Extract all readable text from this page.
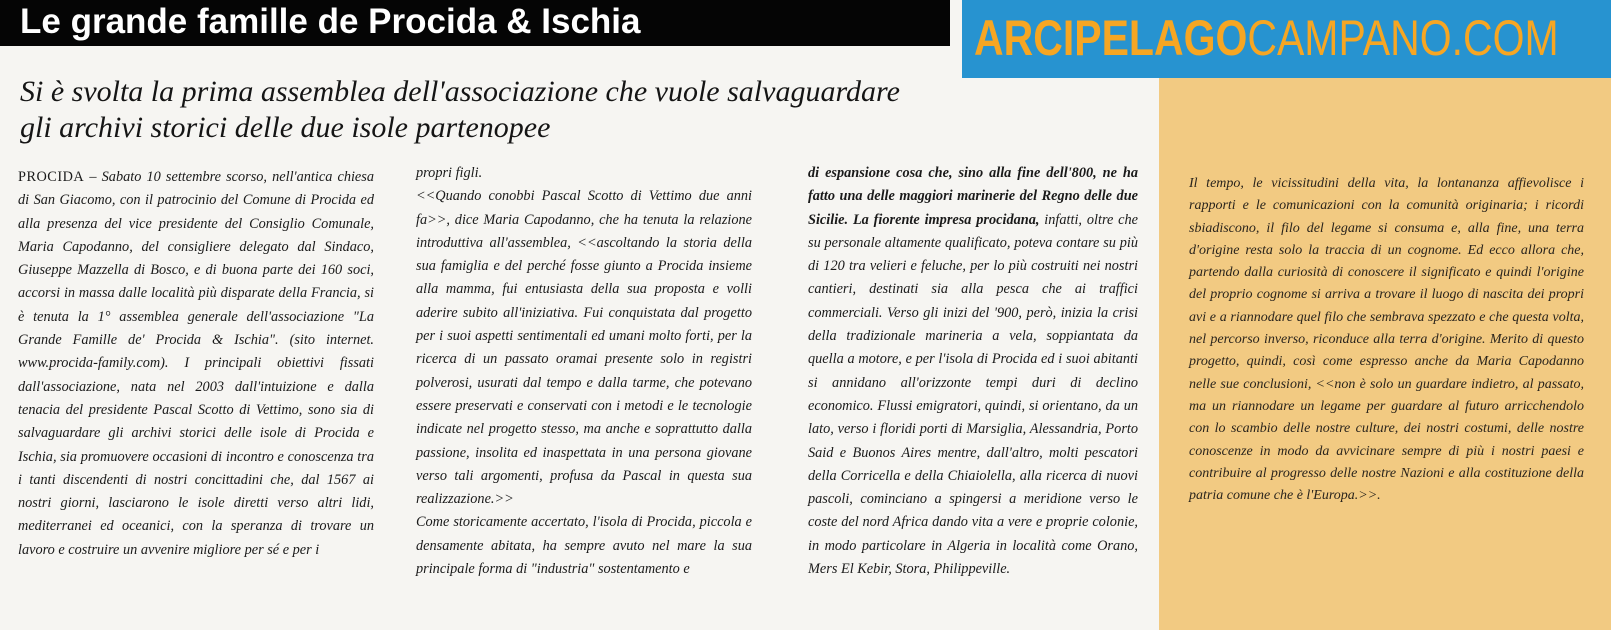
Le grande famille de Procida & Ischia	ARCIPELAGOCAMPANO.COM
Si è svolta la prima assemblea dell'associazione che vuole salvaguardare
gli archivi storici delle due isole partenopee

PROCIDA – Sabato 10 settembre scorso, nell'antica chiesa di San Giacomo, con il patrocinio del Comune di Procida ed alla presenza del vice presidente del Consiglio Comunale, Maria Capodanno, del consigliere delegato dal Sindaco, Giuseppe Mazzella di Bosco, e di buona parte dei 160 soci, accorsi in massa dalle località più disparate della Francia, si è tenuta la 1° assemblea generale dell'associazione "La Grande Famille de' Procida & Ischia". (sito internet. www.procida-family.com). I principali obiettivi fissati dall'associazione, nata nel 2003 dall'intuizione e dalla tenacia del presidente Pascal Scotto di Vettimo, sono sia di salvaguardare gli archivi storici delle isole di Procida e Ischia, sia promuovere occasioni di incontro e conoscenza tra i tanti discendenti di nostri concittadini che, dal 1567 ai nostri giorni, lasciarono le isole diretti verso altri lidi, mediterranei ed oceanici, con la speranza di trovare un lavoro e costruire un avvenire migliore per sé e per i

propri figli.

<<Quando conobbi Pascal Scotto di Vettimo due anni fa>>, dice Maria Capodanno, che ha tenuta la relazione introduttiva all'assemblea, <<ascoltando la storia della sua famiglia e del perché fosse giunto a Procida insieme alla mamma, fui entusiasta della sua proposta e volli aderire subito all'iniziativa. Fui conquistata dal progetto per i suoi aspetti sentimentali ed umani molto forti, per la ricerca di un passato oramai presente solo in registri polverosi, usurati dal tempo e dalla tarme, che potevano essere preservati e conservati con i metodi e le tecnologie indicate nel progetto stesso, ma anche e soprattutto dalla passione, insolita ed inaspettata in una persona giovane verso tali argomenti, profusa da Pascal in questa sua realizzazione.>>

Come storicamente accertato, l'isola di Procida, piccola e densamente abitata, ha sempre avuto nel mare la sua principale forma di "industria" sostentamento e

di espansione cosa che, sino alla fine dell'800, ne ha fatto una delle maggiori marinerie del Regno delle due Sicilie. La fiorente impresa procidana, infatti, oltre che su personale altamente qualificato, poteva contare su più di 120 tra velieri e feluche, per lo più costruiti nei nostri cantieri, destinati sia alla pesca che ai traffici commerciali. Verso gli inizi del '900, però, inizia la crisi della tradizionale marineria a vela, soppiantata da quella a motore, e per l'isola di Procida ed i suoi abitanti si annidano all'orizzonte tempi duri di declino economico. Flussi emigratori, quindi, si orientano, da un lato, verso i floridi porti di Marsiglia, Alessandria, Porto Said e Buonos Aires mentre, dall'altro, molti pescatori della Corricella e della Chiaiolella, alla ricerca di nuovi pascoli, cominciano a spingersi a meridione verso le coste del nord Africa dando vita a vere e proprie colonie, in modo particolare in Algeria in località come Orano, Mers El Kebir, Stora, Philippeville.

Il tempo, le vicissitudini della vita, la lontananza affievolisce i rapporti e le comunicazioni con la comunità originaria; i ricordi sbiadiscono, il filo del legame si consuma e, alla fine, una terra d'origine resta solo la traccia di un cognome. Ed ecco allora che, partendo dalla curiosità di conoscere il significato e quindi l'origine del proprio cognome si arriva a trovare il luogo di nascita dei propri avi e a riannodare quel filo che sembrava spezzato e che questa volta, nel percorso inverso, riconduce alla terra d'origine. Merito di questo progetto, quindi, così come espresso anche da Maria Capodanno nelle sue conclusioni, <<non è solo un guardare indietro, al passato, ma un riannodare un legame per guardare al futuro arricchendolo con lo scambio delle nostre culture, dei nostri costumi, delle nostre conoscenze in modo da avvicinare sempre di più i nostri paesi e contribuire al progresso delle nostre Nazioni e alla costituzione della patria comune che è l'Europa.>>.
